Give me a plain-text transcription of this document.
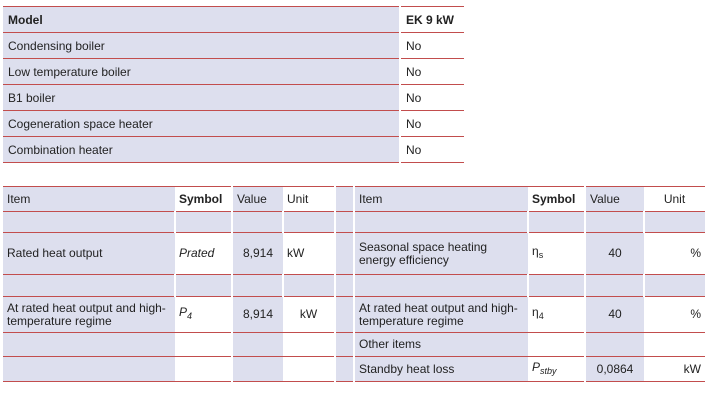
Model	EK 9 kW
Condensing boiler	No
Low temperature boiler	No
B1 boiler	No
Cogeneration space heater	No
Combination heater	No
Item	Symbol	Value	Unit		Item	Symbol	Value	Unit

Rated heat output	Prated	8,914	kW		Seasonal space heating energy efficiency	$\eta_s$	40	%

At rated heat output and high-temperature regime	$P_4$	8,914	kW		At rated heat output and high-temperature regime	$\eta_4$	40	%
					Other items			
					Standby heat loss	$P_{stby}$	0,0864	kW
